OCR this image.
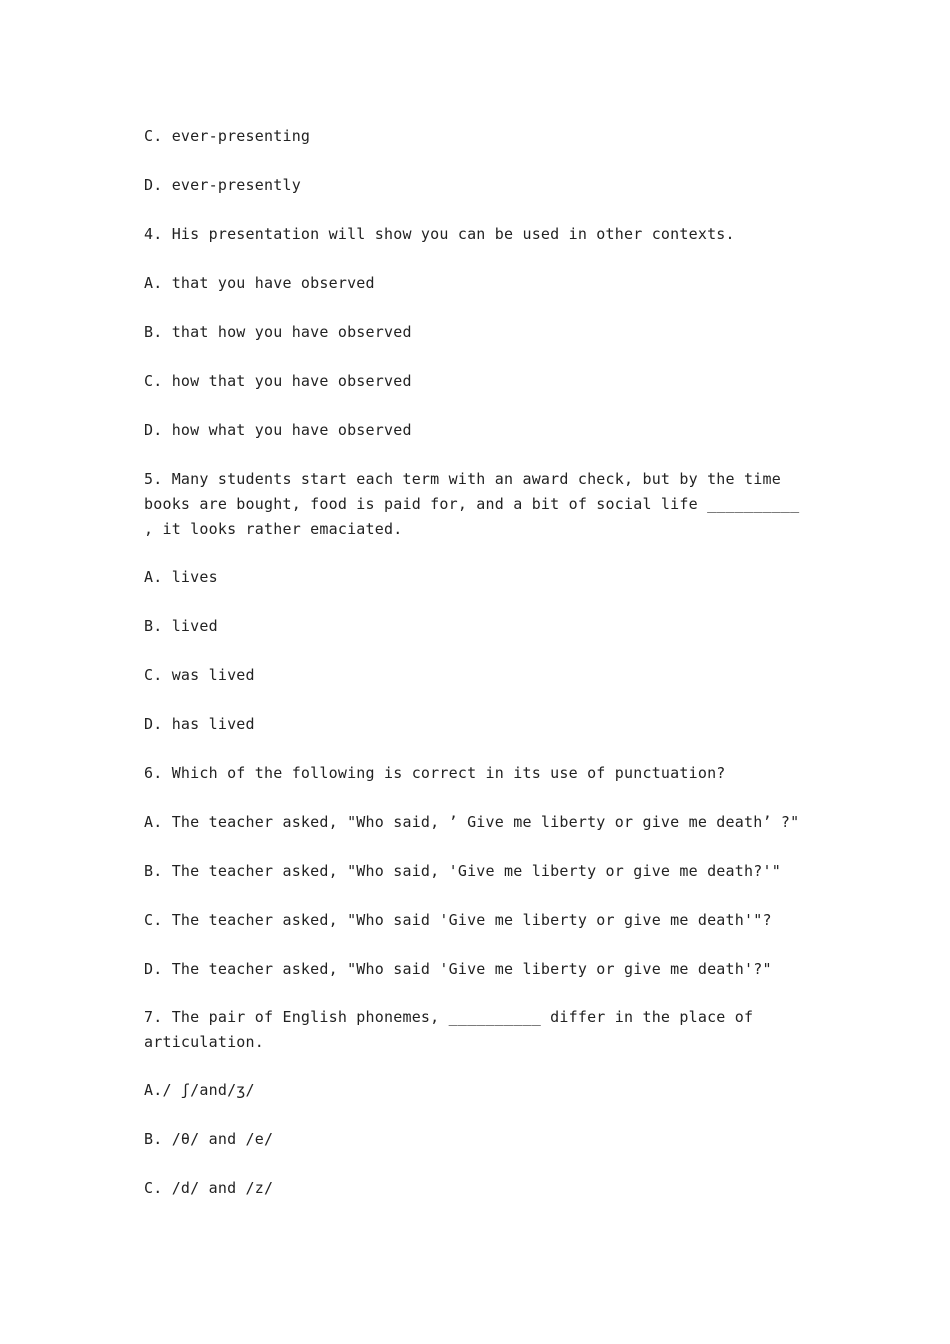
C. ever-presenting
D. ever-presently
4. His presentation will show you can be used in other contexts.
A. that you have observed
B. that how you have observed
C. how that you have observed
D. how what you have observed
5. Many students start each term with an award check, but by the time books are bought, food is paid for, and a bit of social life __________ , it looks rather emaciated.
A. lives
B. lived
C. was lived
D. has lived
6. Which of the following is correct in its use of punctuation?
A. The teacher asked, "Who said, ’ Give me liberty or give me death’ ?"
B. The teacher asked, "Who said, 'Give me liberty or give me death?'"
C. The teacher asked, "Who said 'Give me liberty or give me death'"?
D. The teacher asked, "Who said 'Give me liberty or give me death'?"
7. The pair of English phonemes, __________ differ in the place of articulation.
A./ ʃ/and/ʒ/
B. /θ/ and /e/
C. /d/ and /z/
